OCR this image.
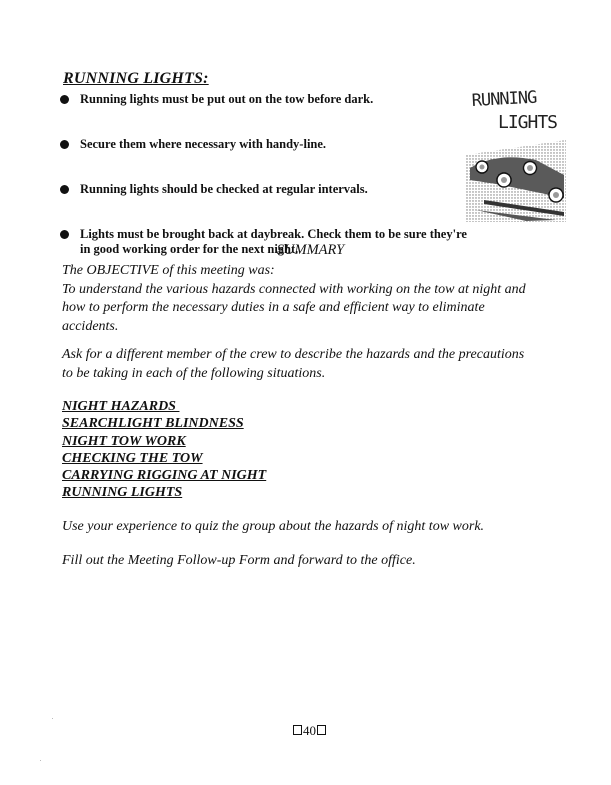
RUNNING LIGHTS:
Running lights must be put out on the tow before dark.
Secure them where necessary with handy-line.
Running lights should be checked at regular intervals.
Lights must be brought back at daybreak. Check them to be sure they're in good working order for the next night.
RUNNING
LIGHTS
SUMMARY
The OBJECTIVE of this meeting was:
To understand the various hazards connected with working on the tow at night and
how to perform the necessary duties in a safe and efficient way to eliminate
accidents.
Ask for a different member of the crew to describe the hazards and the precautions
to be taking in each of the following situations.
NIGHT HAZARDS
SEARCHLIGHT BLINDNESS
NIGHT TOW WORK
CHECKING THE TOW
CARRYING RIGGING AT NIGHT
RUNNING LIGHTS
Use your experience to quiz the group about the hazards of night tow work.
Fill out the Meeting Follow-up Form and forward to the office.
40
